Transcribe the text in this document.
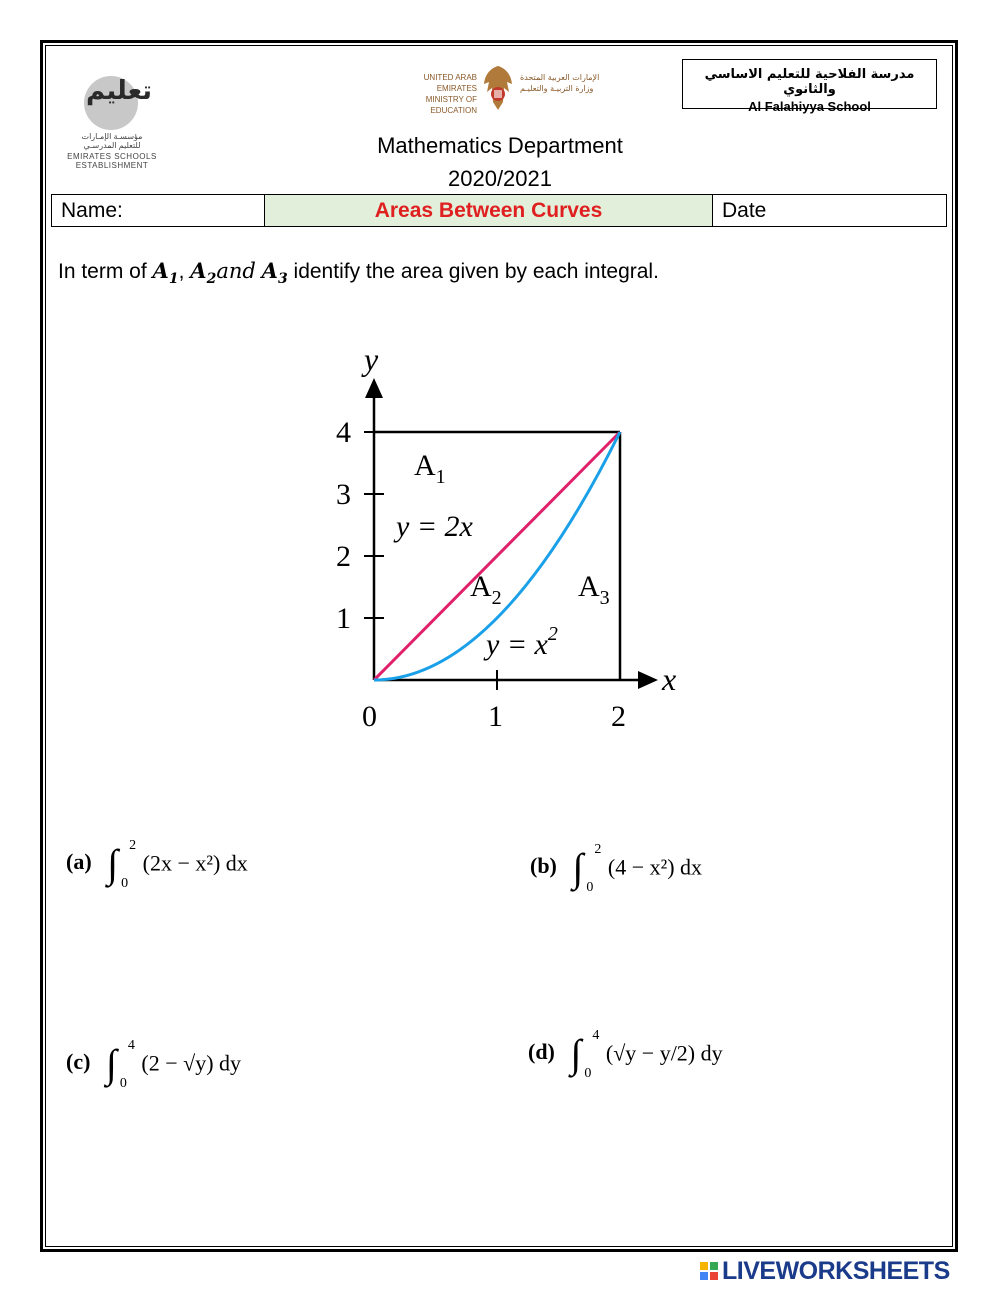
تعليم
مؤسسـة الإمـارات
للتعليم المدرسـي
EMIRATES SCHOOLS
ESTABLISHMENT
UNITED ARAB EMIRATES
MINISTRY OF EDUCATION
الإمارات العربية المتحدة
وزارة التربيـة والتعليـم
مدرسة الفلاحية للتعليم الاساسي والثانوي
Al Falahiyya School
Mathematics Department
2020/2021
Name:	Areas Between Curves	Date
In term of $A_1$, $A_2and$ $A_3$ identify the area given by each integral.
4
3
2
1
0	1	2
y
x
$A_1$
$A_2$	$A_3$
y = 2x
$y = x^2$
(a) ∫ 2
0
(2x − x²) dx	(b) ∫ 2
0
(4 − x²) dx
(c) ∫ 4
0
(2 − √y) dy	(d) ∫ 4
0
(√y − y/2) dy
LIVEWORKSHEETS
